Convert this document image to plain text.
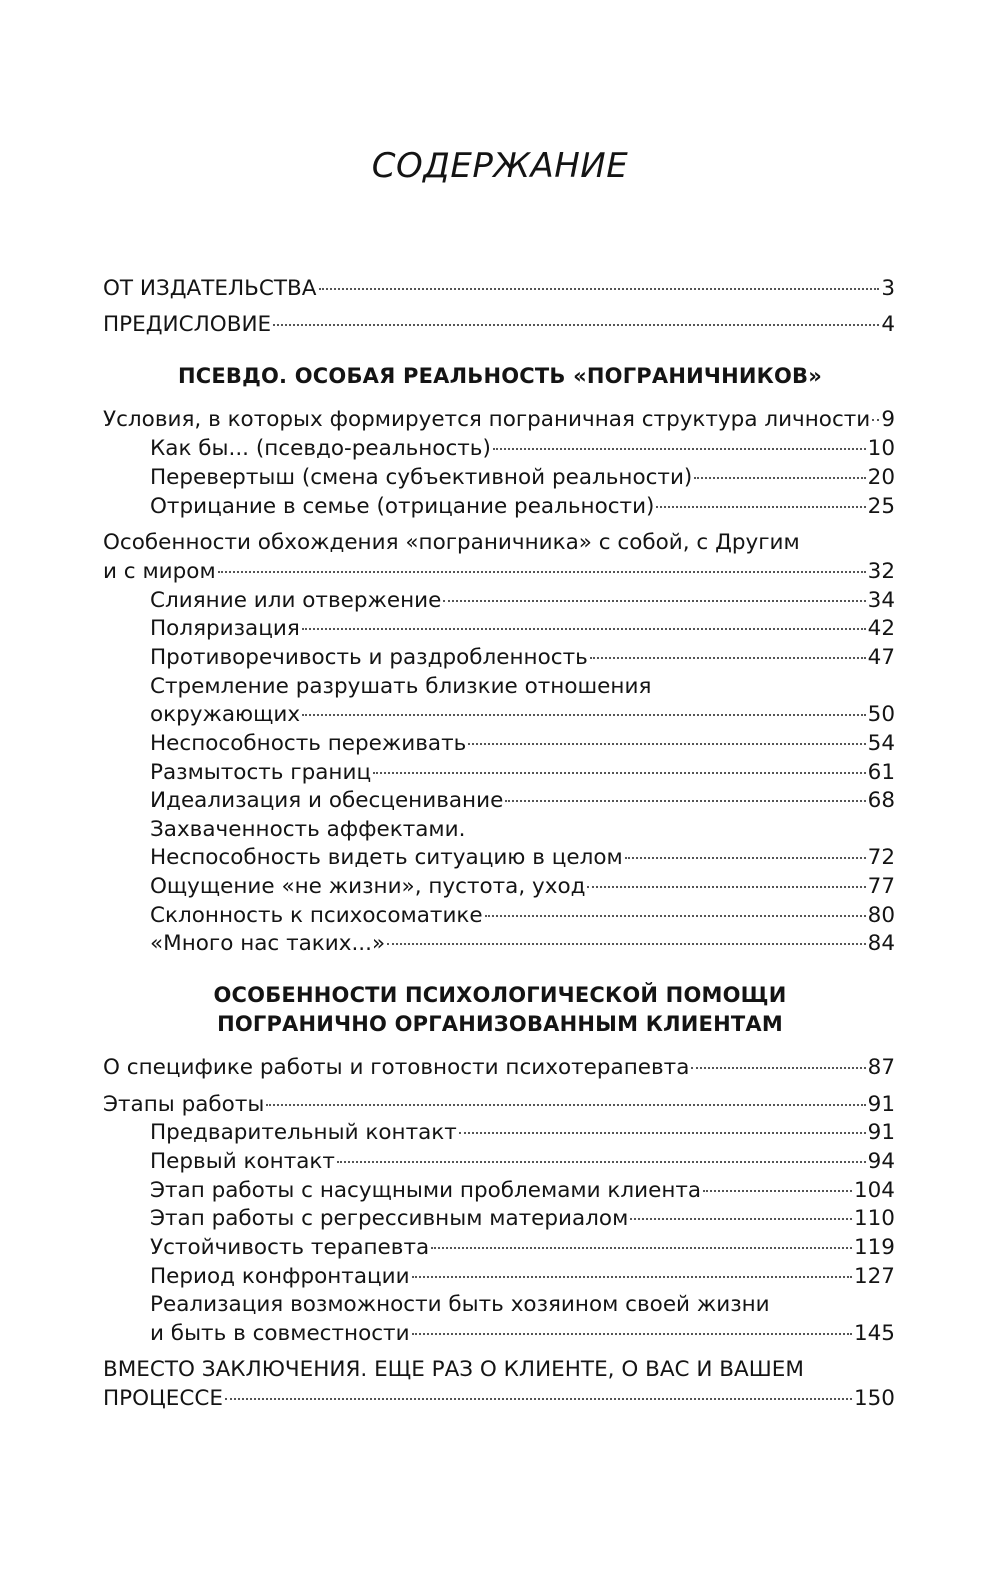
СОДЕРЖАНИЕ
ОТ ИЗДАТЕЛЬСТВА	3
ПРЕДИСЛОВИЕ	4
ПСЕВДО. ОСОБАЯ РЕАЛЬНОСТЬ «ПОГРАНИЧНИКОВ»
Условия, в которых формируется пограничная структура личности 9
Как бы... (псевдо-реальность)	10
Перевертыш (смена субъективной реальности)	20
Отрицание в семье (отрицание реальности)	25
Особенности обхождения «пограничника» с собой, с Другим
и с миром	32
Слияние или отвержение	34
Поляризация	42
Противоречивость и раздробленность	47
Стремление разрушать близкие отношения
окружающих	50
Неспособность переживать	54
Размытость границ	61
Идеализация и обесценивание	68
Захваченность аффектами.
Неспособность видеть ситуацию в целом	72
Ощущение «не жизни», пустота, уход	77
Склонность к психосоматике	80
«Много нас таких...»	84
ОСОБЕННОСТИ ПСИХОЛОГИЧЕСКОЙ ПОМОЩИ
ПОГРАНИЧНО ОРГАНИЗОВАННЫМ КЛИЕНТАМ
О специфике работы и готовности психотерапевта	87
Этапы работы	91
Предварительный контакт	91
Первый контакт	94
Этап работы с насущными проблемами клиента	104
Этап работы с регрессивным материалом	110
Устойчивость терапевта	119
Период конфронтации	127
Реализация возможности быть хозяином своей жизни
и быть в совместности	145
ВМЕСТО ЗАКЛЮЧЕНИЯ. ЕЩЕ РАЗ О КЛИЕНТЕ, О ВАС И ВАШЕМ
ПРОЦЕССЕ	150
